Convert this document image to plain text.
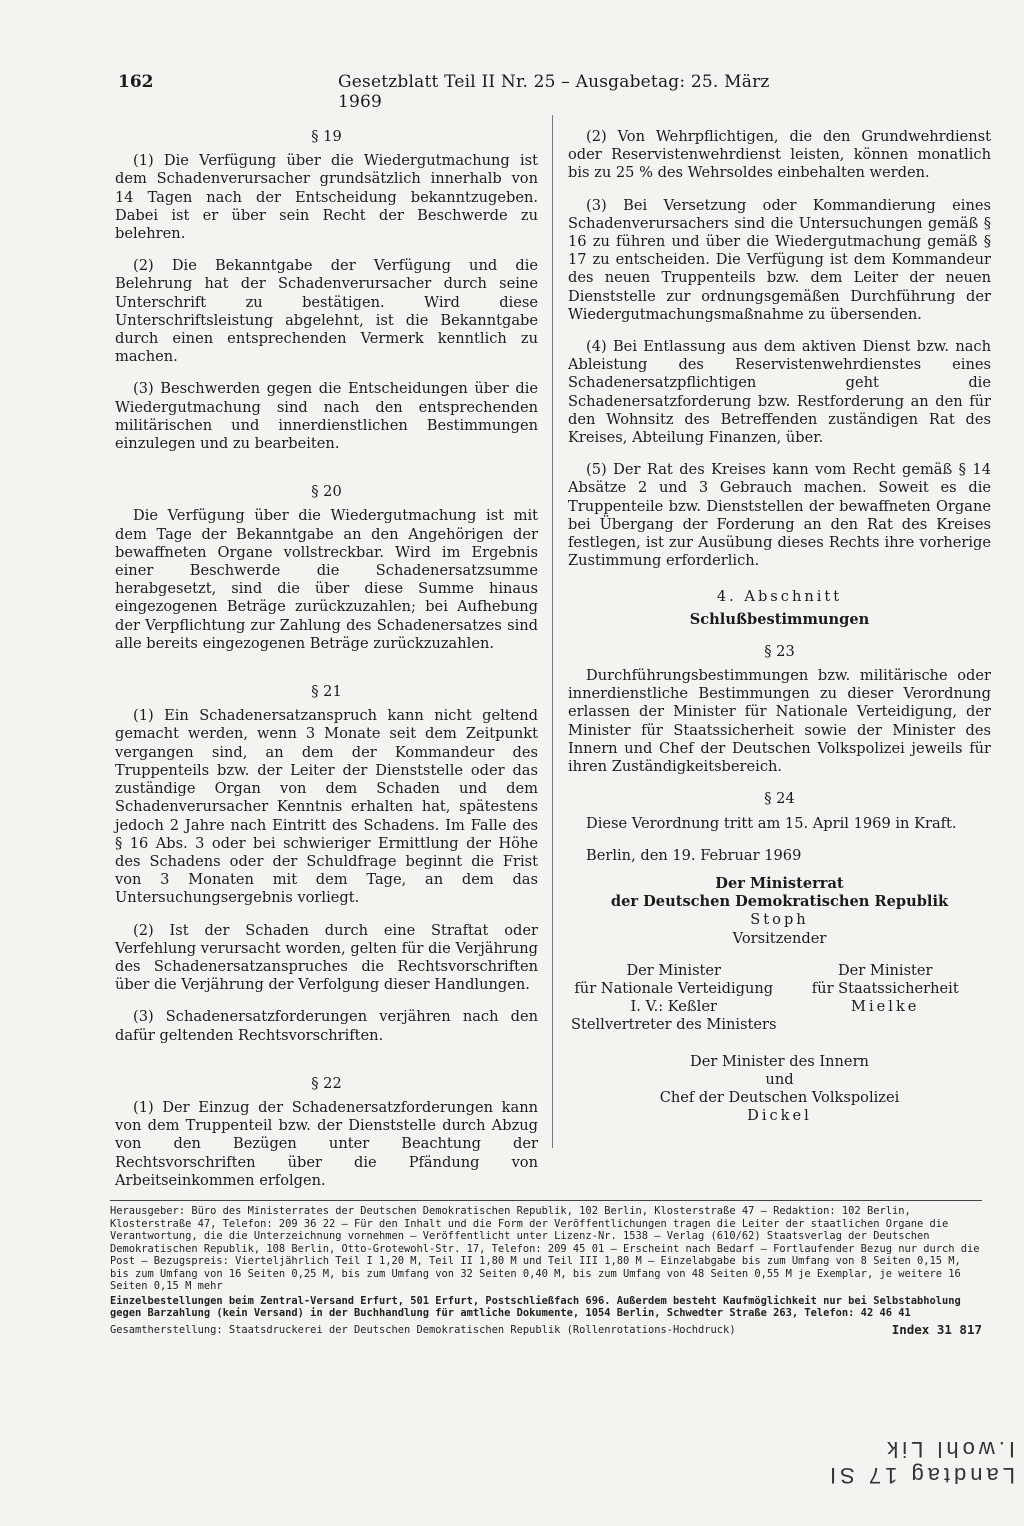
162	Gesetzblatt Teil II Nr. 25 – Ausgabetag: 25. März 1969
§ 19

(1) Die Verfügung über die Wiedergutmachung ist dem Schadenverursacher grundsätzlich innerhalb von 14 Tagen nach der Entscheidung bekanntzugeben. Dabei ist er über sein Recht der Beschwerde zu belehren.

(2) Die Bekanntgabe der Verfügung und die Belehrung hat der Schadenverursacher durch seine Unterschrift zu bestätigen. Wird diese Unterschriftsleistung abgelehnt, ist die Bekanntgabe durch einen entsprechenden Vermerk kenntlich zu machen.

(3) Beschwerden gegen die Entscheidungen über die Wiedergutmachung sind nach den entsprechenden militärischen und innerdienstlichen Bestimmungen einzulegen und zu bearbeiten.

§ 20

Die Verfügung über die Wiedergutmachung ist mit dem Tage der Bekanntgabe an den Angehörigen der bewaffneten Organe vollstreckbar. Wird im Ergebnis einer Beschwerde die Schadenersatzsumme herabgesetzt, sind die über diese Summe hinaus eingezogenen Beträge zurückzuzahlen; bei Aufhebung der Verpflichtung zur Zahlung des Schadenersatzes sind alle bereits eingezogenen Beträge zurückzuzahlen.

§ 21

(1) Ein Schadenersatzanspruch kann nicht geltend gemacht werden, wenn 3 Monate seit dem Zeitpunkt vergangen sind, an dem der Kommandeur des Truppenteils bzw. der Leiter der Dienststelle oder das zuständige Organ von dem Schaden und dem Schadenverursacher Kenntnis erhalten hat, spätestens jedoch 2 Jahre nach Eintritt des Schadens. Im Falle des § 16 Abs. 3 oder bei schwieriger Ermittlung der Höhe des Schadens oder der Schuldfrage beginnt die Frist von 3 Monaten mit dem Tage, an dem das Untersuchungsergebnis vorliegt.

(2) Ist der Schaden durch eine Straftat oder Verfehlung verursacht worden, gelten für die Verjährung des Schadenersatzanspruches die Rechtsvorschriften über die Verjährung der Verfolgung dieser Handlungen.

(3) Schadenersatzforderungen verjähren nach den dafür geltenden Rechtsvorschriften.

§ 22

(1) Der Einzug der Schadenersatzforderungen kann von dem Truppenteil bzw. der Dienststelle durch Abzug von den Bezügen unter Beachtung der Rechtsvorschriften über die Pfändung von Arbeitseinkommen erfolgen.

(2) Von Wehrpflichtigen, die den Grundwehrdienst oder Reservistenwehrdienst leisten, können monatlich bis zu 25 % des Wehrsoldes einbehalten werden.

(3) Bei Versetzung oder Kommandierung eines Schadenverursachers sind die Untersuchungen gemäß § 16 zu führen und über die Wiedergutmachung gemäß § 17 zu entscheiden. Die Verfügung ist dem Kommandeur des neuen Truppenteils bzw. dem Leiter der neuen Dienststelle zur ordnungsgemäßen Durchführung der Wiedergutmachungsmaßnahme zu übersenden.

(4) Bei Entlassung aus dem aktiven Dienst bzw. nach Ableistung des Reservistenwehrdienstes eines Schadenersatzpflichtigen geht die Schadenersatzforderung bzw. Restforderung an den für den Wohnsitz des Betreffenden zuständigen Rat des Kreises, Abteilung Finanzen, über.

(5) Der Rat des Kreises kann vom Recht gemäß § 14 Absätze 2 und 3 Gebrauch machen. Soweit es die Truppenteile bzw. Dienststellen der bewaffneten Organe bei Übergang der Forderung an den Rat des Kreises festlegen, ist zur Ausübung dieses Rechts ihre vorherige Zustimmung erforderlich.

4. Abschnitt
Schlußbestimmungen
§ 23

Durchführungsbestimmungen bzw. militärische oder innerdienstliche Bestimmungen zu dieser Verordnung erlassen der Minister für Nationale Verteidigung, der Minister für Staatssicherheit sowie der Minister des Innern und Chef der Deutschen Volkspolizei jeweils für ihren Zuständigkeitsbereich.

§ 24

Diese Verordnung tritt am 15. April 1969 in Kraft.

Berlin, den 19. Februar 1969

Der Ministerrat
der Deutschen Demokratischen Republik
Stoph
Vorsitzender
Der Minister
für Nationale Verteidigung
I. V.: Keßler
Stellvertreter des Ministers
Der Minister
für Staatssicherheit
Mielke
Der Minister des Innern
und
Chef der Deutschen Volkspolizei
Dickel
Herausgeber: Büro des Ministerrates der Deutschen Demokratischen Republik, 102 Berlin, Klosterstraße 47 – Redaktion: 102 Berlin, Klosterstraße 47, Telefon: 209 36 22 – Für den Inhalt und die Form der Veröffentlichungen tragen die Leiter der staatlichen Organe die Verantwortung, die die Unterzeichnung vornehmen – Veröffentlicht unter Lizenz-Nr. 1538 – Verlag (610/62) Staatsverlag der Deutschen Demokratischen Republik, 108 Berlin, Otto-Grotewohl-Str. 17, Telefon: 209 45 01 – Erscheint nach Bedarf – Fortlaufender Bezug nur durch die Post – Bezugspreis: Vierteljährlich Teil I 1,20 M, Teil II 1,80 M und Teil III 1,80 M – Einzelabgabe bis zum Umfang von 8 Seiten 0,15 M, bis zum Umfang von 16 Seiten 0,25 M, bis zum Umfang von 32 Seiten 0,40 M, bis zum Umfang von 48 Seiten 0,55 M je Exemplar, je weitere 16 Seiten 0,15 M mehr
Einzelbestellungen beim Zentral-Versand Erfurt, 501 Erfurt, Postschließfach 696. Außerdem besteht Kaufmöglichkeit nur bei Selbstabholung gegen Barzahlung (kein Versand) in der Buchhandlung für amtliche Dokumente, 1054 Berlin, Schwedter Straße 263, Telefon: 42 46 41
Gesamtherstellung: Staatsdruckerei der Deutschen Demokratischen Republik (Rollenrotations-Hochdruck)	Index 31 817
Landtag 17 SI
I.wohl Lik
